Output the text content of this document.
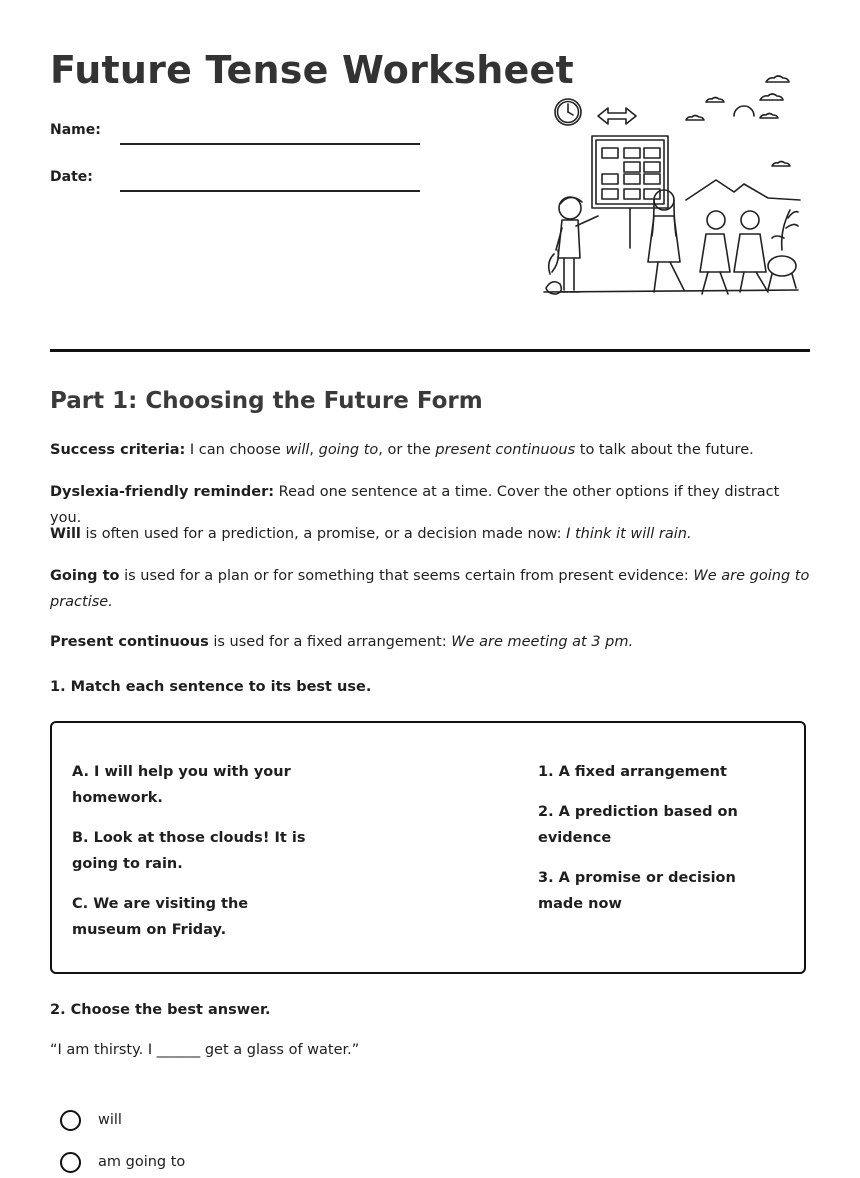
Future Tense Worksheet
Name:
Date:
Part 1: Choosing the Future Form
Success criteria: I can choose will, going to, or the present continuous to talk about the future.
Dyslexia-friendly reminder: Read one sentence at a time. Cover the other options if they distract you.
Will is often used for a prediction, a promise, or a decision made now: I think it will rain.
Going to is used for a plan or for something that seems certain from present evidence: We are going to practise.
Present continuous is used for a fixed arrangement: We are meeting at 3 pm.
1. Match each sentence to its best use.
A. I will help you with your homework.
B. Look at those clouds! It is going to rain.
C. We are visiting the museum on Friday.
1. A fixed arrangement
2. A prediction based on evidence
3. A promise or decision made now
2. Choose the best answer.
“I am thirsty. I ______ get a glass of water.”
will
am going to
